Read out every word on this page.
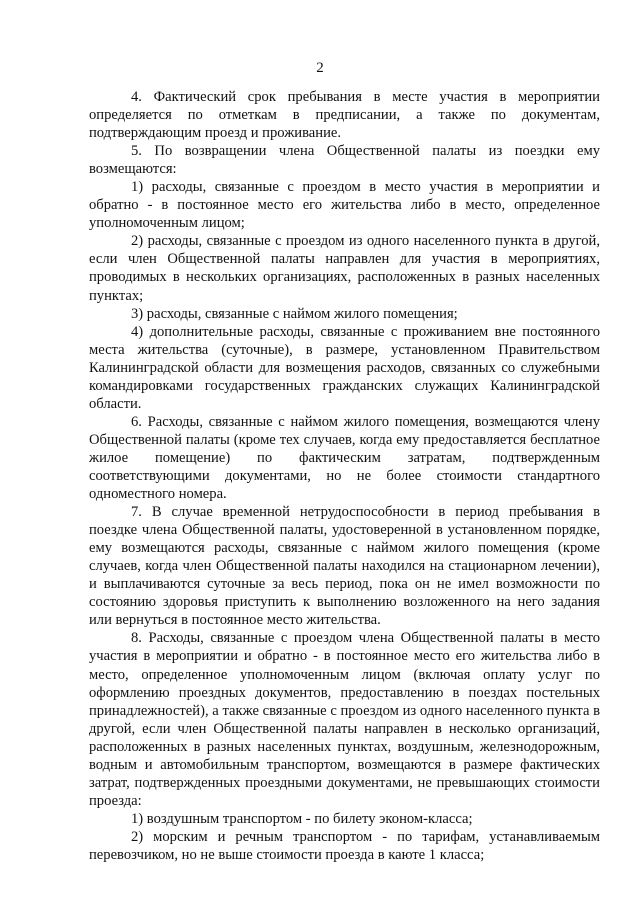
2

4. Фактический срок пребывания в месте участия в мероприятии определяется по отметкам в предписании, а также по документам, подтверждающим проезд и проживание.

5. По возвращении члена Общественной палаты из поездки ему возмещаются:

1) расходы, связанные с проездом в место участия в мероприятии и обратно - в постоянное место его жительства либо в место, определенное уполномоченным лицом;

2) расходы, связанные с проездом из одного населенного пункта в другой, если член Общественной палаты направлен для участия в мероприятиях, проводимых в нескольких организациях, расположенных в разных населенных пунктах;

3) расходы, связанные с наймом жилого помещения;

4) дополнительные расходы, связанные с проживанием вне постоянного места жительства (суточные), в размере, установленном Правительством Калининградской области для возмещения расходов, связанных со служебными командировками государственных гражданских служащих Калининградской области.

6. Расходы, связанные с наймом жилого помещения, возмещаются члену Общественной палаты (кроме тех случаев, когда ему предоставляется бесплатное жилое помещение) по фактическим затратам, подтвержденным соответствующими документами, но не более стоимости стандартного одноместного номера.

7. В случае временной нетрудоспособности в период пребывания в поездке члена Общественной палаты, удостоверенной в установленном порядке, ему возмещаются расходы, связанные с наймом жилого помещения (кроме случаев, когда член Общественной палаты находился на стационарном лечении), и выплачиваются суточные за весь период, пока он не имел возможности по состоянию здоровья приступить к выполнению возложенного на него задания или вернуться в постоянное место жительства.

8. Расходы, связанные с проездом члена Общественной палаты в место участия в мероприятии и обратно - в постоянное место его жительства либо в место, определенное уполномоченным лицом (включая оплату услуг по оформлению проездных документов, предоставлению в поездах постельных принадлежностей), а также связанные с проездом из одного населенного пункта в другой, если член Общественной палаты направлен в несколько организаций, расположенных в разных населенных пунктах, воздушным, железнодорожным, водным и автомобильным транспортом, возмещаются в размере фактических затрат, подтвержденных проездными документами, не превышающих стоимости проезда:

1) воздушным транспортом - по билету эконом-класса;

2) морским и речным транспортом - по тарифам, устанавливаемым перевозчиком, но не выше стоимости проезда в каюте 1 класса;
